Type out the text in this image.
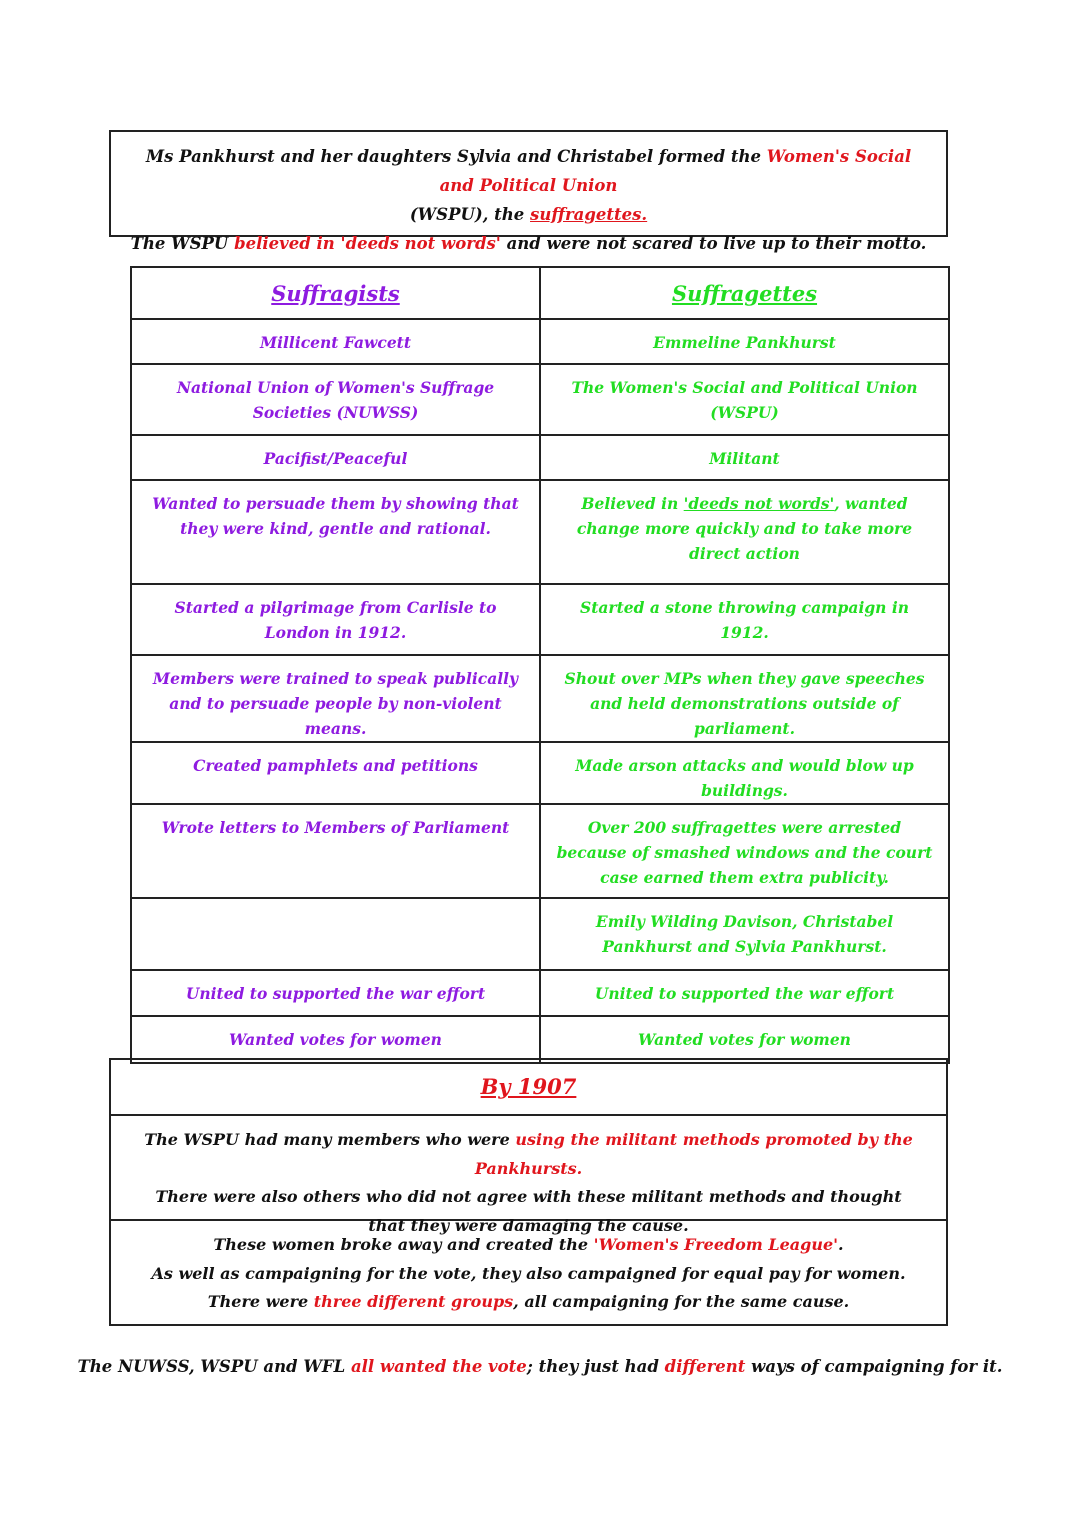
Ms Pankhurst and her daughters Sylvia and Christabel formed the Women's Social and Political Union
(WSPU), the suffragettes.
The WSPU believed in 'deeds not words' and were not scared to live up to their motto.
Suffragists	Suffragettes
Millicent Fawcett	Emmeline Pankhurst
National Union of Women's Suffrage Societies (NUWSS)	The Women's Social and Political Union (WSPU)
Pacifist/Peaceful	Militant
Wanted to persuade them by showing that they were kind, gentle and rational.	Believed in 'deeds not words', wanted change more quickly and to take more direct action
Started a pilgrimage from Carlisle to London in 1912.	Started a stone throwing campaign in 1912.
Members were trained to speak publically and to persuade people by non-violent means.	Shout over MPs when they gave speeches and held demonstrations outside of parliament.
Created pamphlets and petitions	Made arson attacks and would blow up buildings.
Wrote letters to Members of Parliament	Over 200 suffragettes were arrested because of smashed windows and the court case earned them extra publicity.
	Emily Wilding Davison, Christabel Pankhurst and Sylvia Pankhurst.
United to supported the war effort	United to supported the war effort
Wanted votes for women	Wanted votes for women
By 1907
The WSPU had many members who were using the militant methods promoted by the Pankhursts.
There were also others who did not agree with these militant methods and thought that they were damaging the cause.
These women broke away and created the 'Women's Freedom League'.
As well as campaigning for the vote, they also campaigned for equal pay for women.
There were three different groups, all campaigning for the same cause.
The NUWSS, WSPU and WFL all wanted the vote; they just had different ways of campaigning for it.
